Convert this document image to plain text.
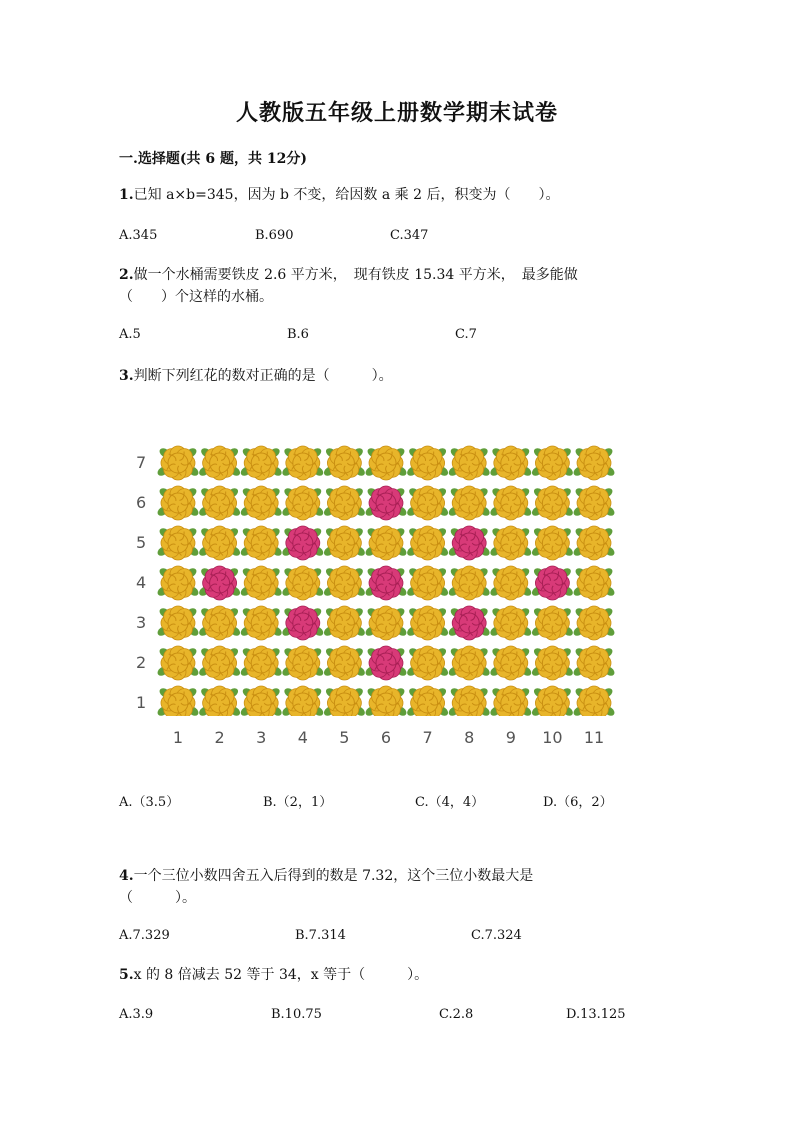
人教版五年级上册数学期末试卷
一.选择题(共 6 题，共 12分)
1.已知 a×b=345，因为 b 不变，给因数 a 乘 2 后，积变为（　　）。
A.345	B.690	C.347
2.做一个水桶需要铁皮 2.6 平方米，　现有铁皮 15.34 平方米，　最多能做
（　　）个这样的水桶。
A.5	B.6	C.7
3.判断下列红花的数对正确的是（　　　）。
7
6
5
4
3
2
1
1	2	3	4	5	6	7	8	9	10	11
A.（3.5）	B.（2，1）	C.（4，4）	D.（6，2）
4.一个三位小数四舍五入后得到的数是 7.32，这个三位小数最大是
（　　　）。
A.7.329	B.7.314	C.7.324
5.x 的 8 倍减去 52 等于 34，x 等于（　　　）。
A.3.9	B.10.75	C.2.8	D.13.125
